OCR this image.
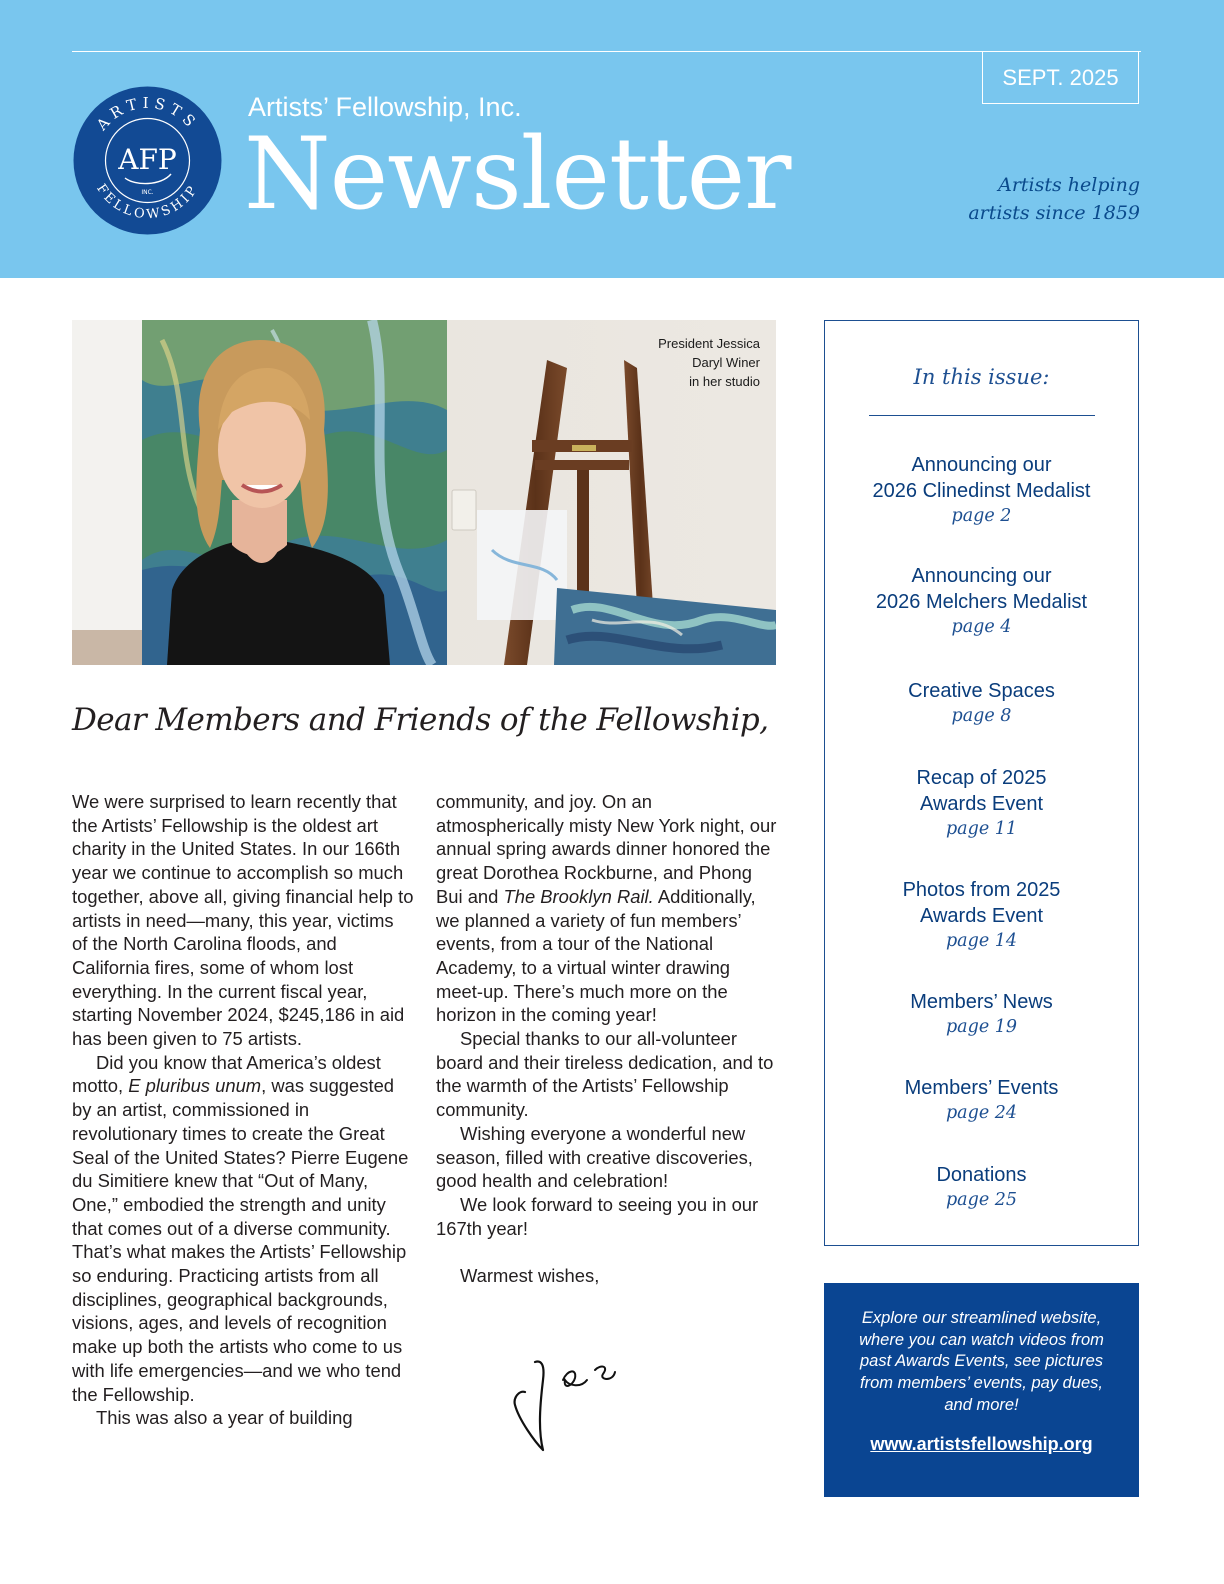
ARTISTS
FELLOWSHIP
AFP
INC.
Artists’ Fellowship, Inc.
Newsletter
SEPT. 2025
Artists helping
artists since 1859
President Jessica
Daryl Winer
in her studio
Dear Members and Friends of the Fellowship,

We were surprised to learn recently that the Artists’ Fellowship is the oldest art charity in the United States. In our 166th year we continue to accomplish so much together, above all, giving financial help to artists in need—many, this year, victims of the North Carolina floods, and California fires, some of whom lost everything. In the current fiscal year, starting November 2024, $245,186 in aid has been given to 75 artists.

Did you know that America’s oldest motto, E pluribus unum, was suggested by an artist, commissioned in revolutionary times to create the Great Seal of the United States? Pierre Eugene du Simitiere knew that “Out of Many, One,” embodied the strength and unity that comes out of a diverse community. That’s what makes the Artists’ Fellowship so enduring. Practicing artists from all disciplines, geographical backgrounds, visions, ages, and levels of recognition make up both the artists who come to us with life emergencies—and we who tend the Fellowship.

This was also a year of building

community, and joy. On an atmospherically misty New York night, our annual spring awards dinner honored the great Dorothea Rockburne, and Phong Bui and The Brooklyn Rail. Additionally, we planned a variety of fun members’ events, from a tour of the National Academy, to a virtual winter drawing meet-up. There’s much more on the horizon in the coming year!

Special thanks to our all-volunteer board and their tireless dedication, and to the warmth of the Artists’ Fellowship community.

Wishing everyone a wonderful new season, filled with creative discoveries, good health and celebration!

We look forward to seeing you in our 167th year!

Warmest wishes,

In this issue:
Announcing our
2026 Clinedinst Medalist
page 2
Announcing our
2026 Melchers Medalist
page 4
Creative Spaces
page 8
Recap of 2025
Awards Event
page 11
Photos from 2025
Awards Event
page 14
Members’ News
page 19
Members’ Events
page 24
Donations
page 25
Explore our streamlined website, where you can watch videos from past Awards Events, see pictures from members’ events, pay dues, and more!
www.artistsfellowship.org
